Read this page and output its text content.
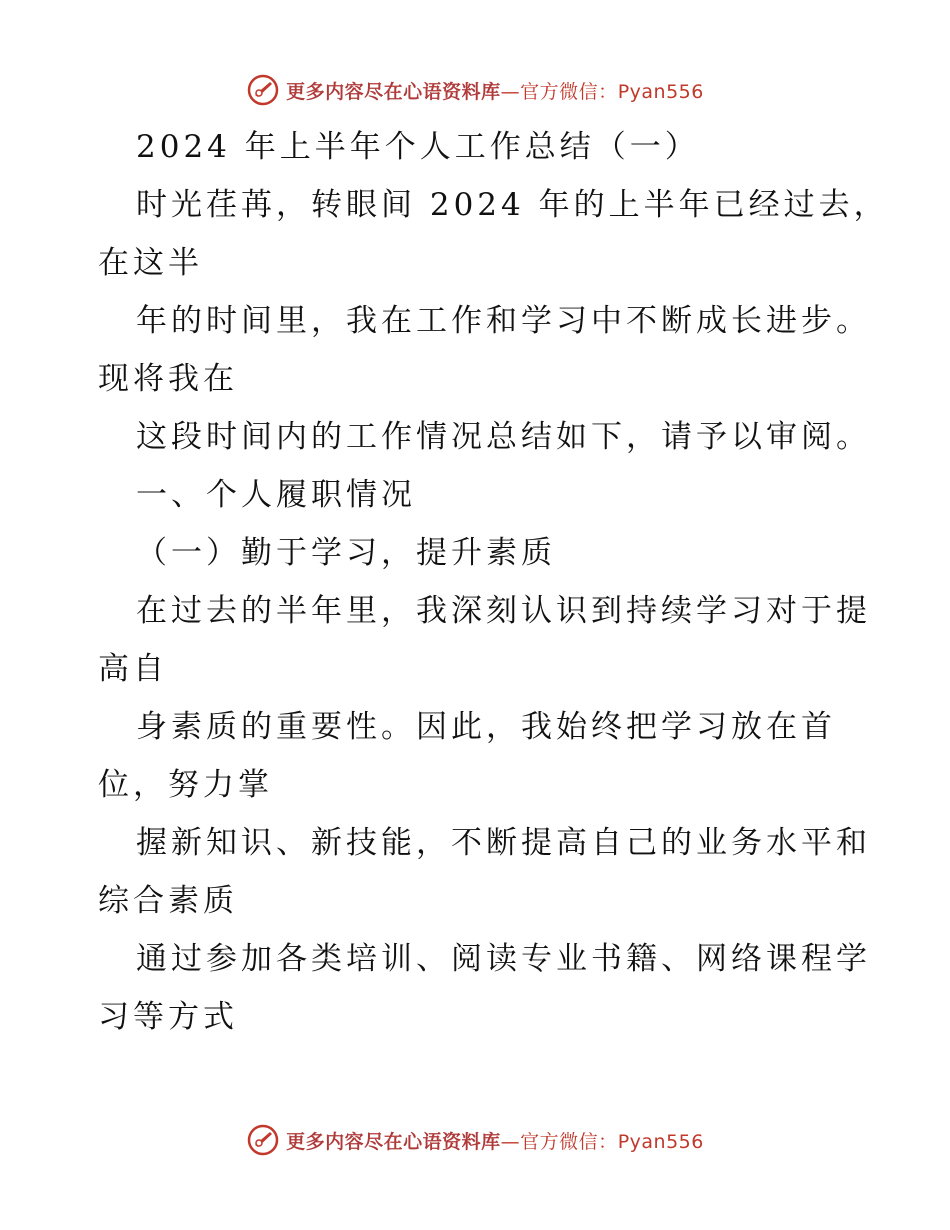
更多内容尽在心语资料库—官方微信：Pyan556
2024 年上半年个人工作总结（一）
时光荏苒，转眼间 2024 年的上半年已经过去，
在这半
年的时间里，我在工作和学习中不断成长进步。
现将我在
这段时间内的工作情况总结如下，请予以审阅。
一、个人履职情况
（一）勤于学习，提升素质
在过去的半年里，我深刻认识到持续学习对于提
高自
身素质的重要性。因此，我始终把学习放在首
位，努力掌
握新知识、新技能，不断提高自己的业务水平和
综合素质
通过参加各类培训、阅读专业书籍、网络课程学
习等方式
更多内容尽在心语资料库—官方微信：Pyan556
